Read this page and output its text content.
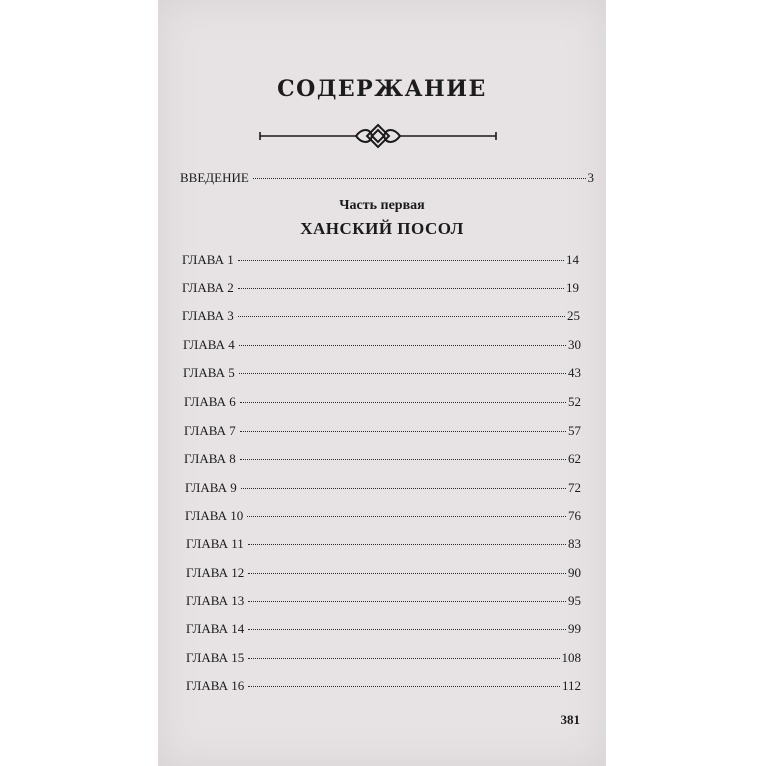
СОДЕРЖАНИЕ
ВВЕДЕНИЕ	3
Часть первая
ХАНСКИЙ ПОСОЛ
ГЛАВА 1	14
ГЛАВА 2	19
ГЛАВА 3	25
ГЛАВА 4	30
ГЛАВА 5	43
ГЛАВА 6	52
ГЛАВА 7	57
ГЛАВА 8	62
ГЛАВА 9	72
ГЛАВА 10	76
ГЛАВА 11	83
ГЛАВА 12	90
ГЛАВА 13	95
ГЛАВА 14	99
ГЛАВА 15	108
ГЛАВА 16	112
381
